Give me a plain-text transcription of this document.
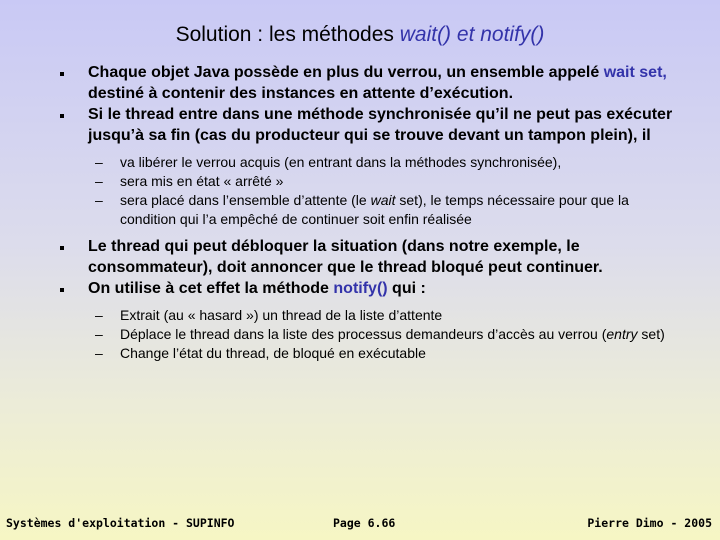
Solution : les méthodes wait() et notify()
Chaque objet Java possède en plus du verrou, un ensemble appelé wait set, destiné à contenir des instances en attente d’exécution.
Si le thread entre dans une méthode synchronisée qu’il ne peut pas exécuter jusqu’à sa fin (cas du producteur qui se trouve devant un tampon plein), il
– va libérer le verrou acquis (en entrant dans la méthodes synchronisée),
– sera mis en état « arrêté »
– sera placé dans l’ensemble d’attente (le wait set), le temps nécessaire pour que la condition qui l’a empêché de continuer soit enfin réalisée
Le thread qui peut débloquer la situation (dans notre exemple, le consommateur), doit annoncer que le thread bloqué peut continuer.
On utilise à cet effet la méthode notify() qui :
– Extrait (au « hasard ») un thread de la liste d’attente
– Déplace le thread dans la liste des processus demandeurs d’accès au verrou (entry set)
– Change l’état du thread, de bloqué en exécutable
Systèmes d'exploitation - SUPINFO	Page 6.66	Pierre Dimo - 2005
